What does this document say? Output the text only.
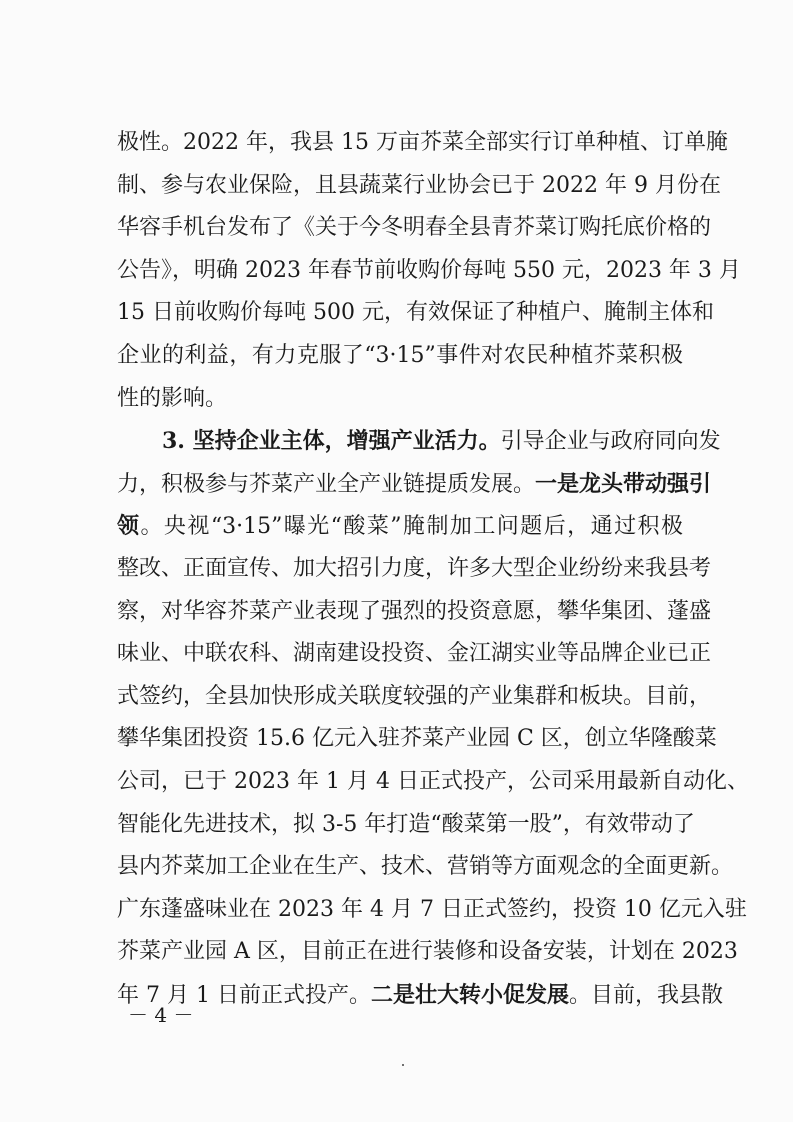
极性。2022 年，我县 15 万亩芥菜全部实行订单种植、订单腌
制、参与农业保险，且县蔬菜行业协会已于 2022 年 9 月份在
华容手机台发布了《关于今冬明春全县青芥菜订购托底价格的
公告》，明确 2023 年春节前收购价每吨 550 元，2023 年 3 月
15 日前收购价每吨 500 元，有效保证了种植户、腌制主体和
企业的利益，有力克服了“3·15”事件对农民种植芥菜积极
性的影响。
3. 坚持企业主体，增强产业活力。引导企业与政府同向发
力，积极参与芥菜产业全产业链提质发展。一是龙头带动强引
领。央视“3·15”曝光“酸菜”腌制加工问题后，通过积极
整改、正面宣传、加大招引力度，许多大型企业纷纷来我县考
察，对华容芥菜产业表现了强烈的投资意愿，攀华集团、蓬盛
味业、中联农科、湖南建设投资、金江湖实业等品牌企业已正
式签约，全县加快形成关联度较强的产业集群和板块。目前，
攀华集团投资 15.6 亿元入驻芥菜产业园 C 区，创立华隆酸菜
公司，已于 2023 年 1 月 4 日正式投产，公司采用最新自动化、
智能化先进技术，拟 3-5 年打造“酸菜第一股”，有效带动了
县内芥菜加工企业在生产、技术、营销等方面观念的全面更新。
广东蓬盛味业在 2023 年 4 月 7 日正式签约，投资 10 亿元入驻
芥菜产业园 A 区，目前正在进行装修和设备安装，计划在 2023
年 7 月 1 日前正式投产。二是壮大转小促发展。目前，我县散
－ 4 －
